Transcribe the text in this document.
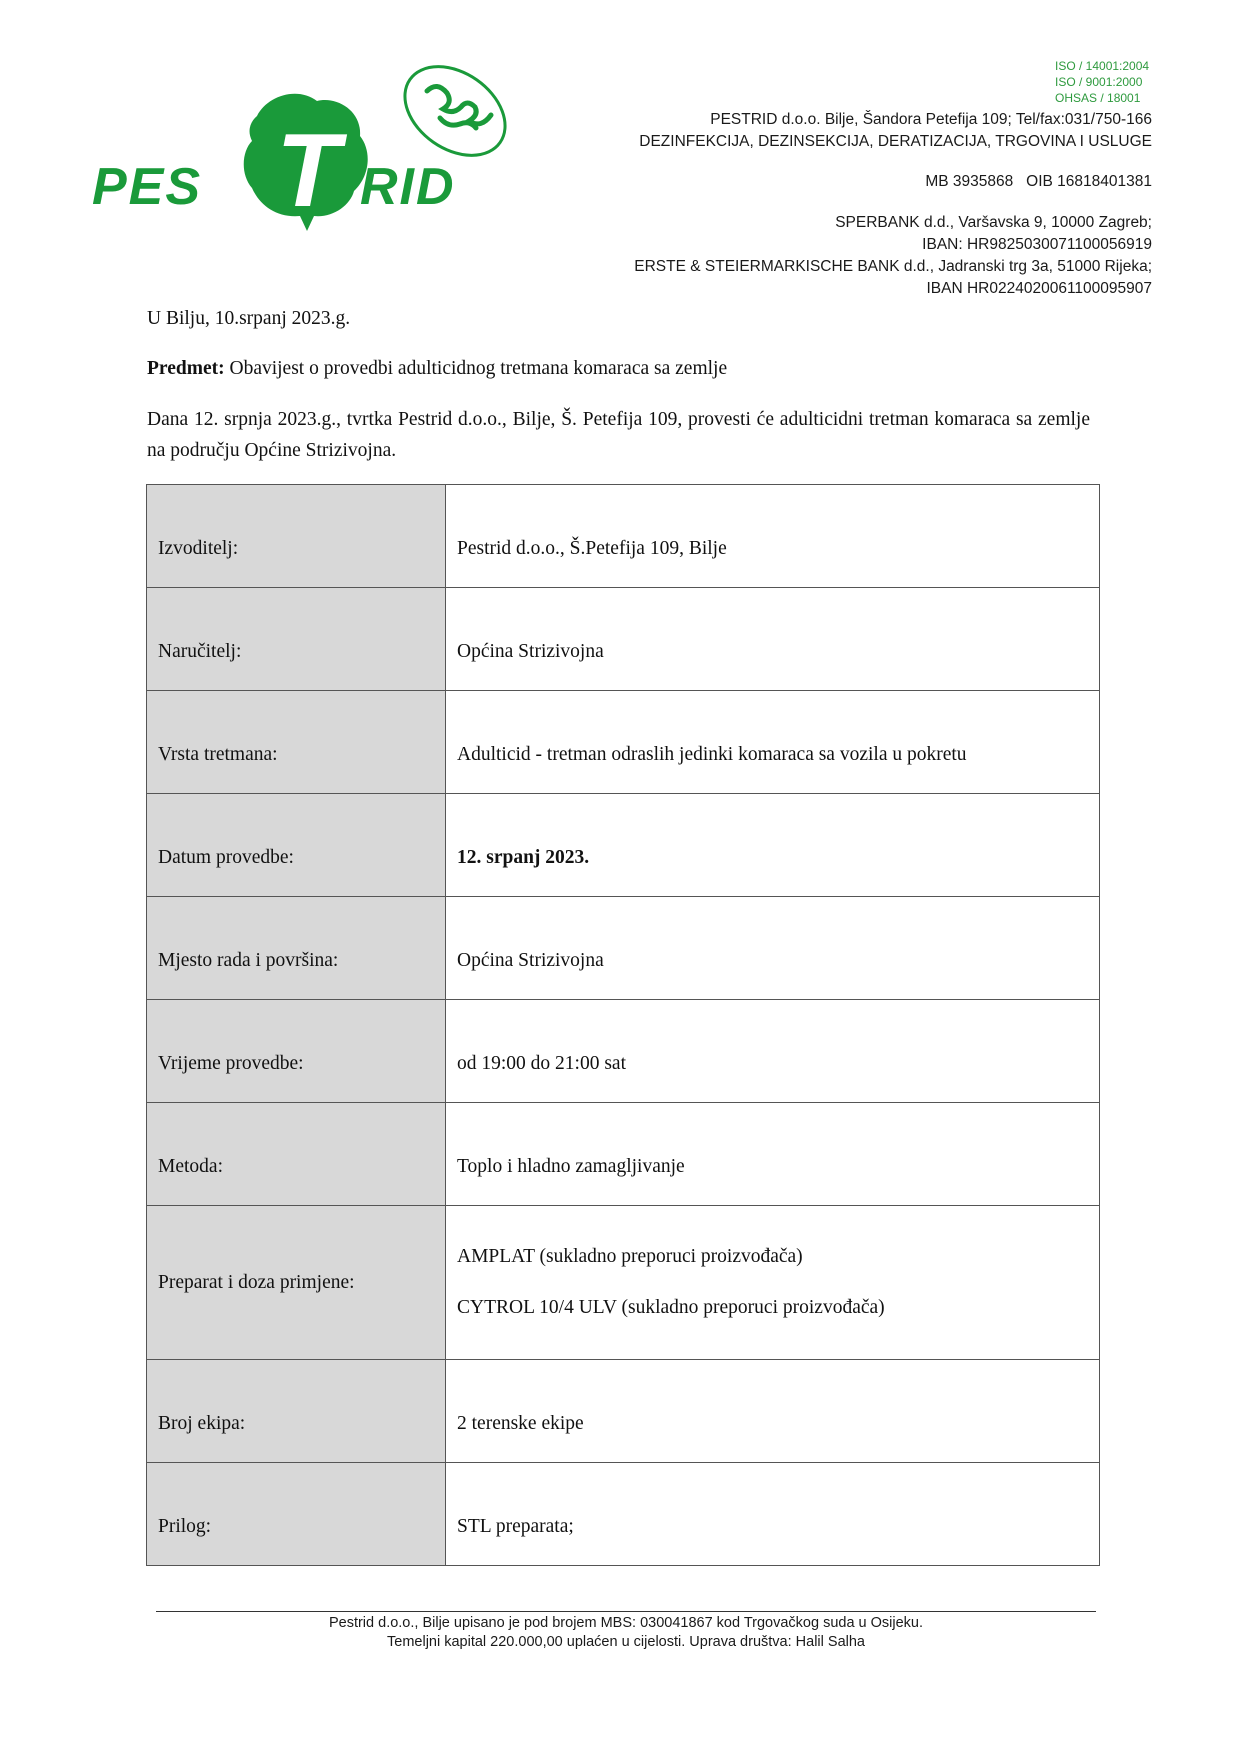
T
PES	RID
ISO / 14001:2004
ISO / 9001:2000
OHSAS / 18001
PESTRID d.o.o. Bilje, Šandora Petefija 109; Tel/fax:031/750-166
DEZINFEKCIJA, DEZINSEKCIJA, DERATIZACIJA, TRGOVINA I USLUGE
MB 3935868   OIB 16818401381
SPERBANK d.d., Varšavska 9, 10000 Zagreb;
IBAN: HR9825030071100056919
ERSTE & STEIERMARKISCHE BANK d.d., Jadranski trg 3a, 51000 Rijeka;
IBAN HR0224020061100095907
U Bilju, 10.srpanj 2023.g.
Predmet: Obavijest o provedbi adulticidnog tretmana komaraca sa zemlje
Dana 12. srpnja 2023.g., tvrtka Pestrid d.o.o., Bilje, Š. Petefija 109, provesti će adulticidni tretman komaraca sa zemlje na području Općine Strizivojna.
Izvoditelj:	Pestrid d.o.o., Š.Petefija 109, Bilje
Naručitelj:	Općina Strizivojna
Vrsta tretmana:	Adulticid - tretman odraslih jedinki komaraca sa vozila u pokretu
Datum provedbe:	12. srpanj 2023.
Mjesto rada i površina:	Općina Strizivojna
Vrijeme provedbe:	od 19:00 do 21:00 sat
Metoda:	Toplo i hladno zamagljivanje
Preparat i doza primjene:	AMPLAT (sukladno preporuci proizvođača)

CYTROL 10/4 ULV (sukladno preporuci proizvođača)

Broj ekipa:	2 terenske ekipe
Prilog:	STL preparata;
Pestrid d.o.o., Bilje upisano je pod brojem MBS: 030041867 kod Trgovačkog suda u Osijeku.
Temeljni kapital 220.000,00 uplaćen u cijelosti. Uprava društva: Halil Salha
